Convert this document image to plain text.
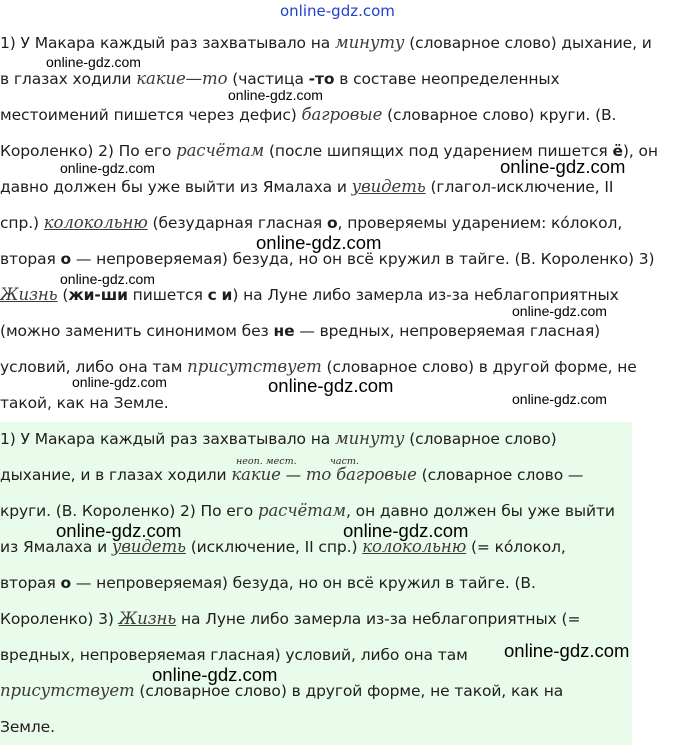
online-gdz.com
1) У Макара каждый раз захватывало на минуту (словарное слово) дыхание, и
в глазах ходили какие—то (частица -то в составе неопределенных
местоимений пишется через дефис) багровые (словарное слово) круги. (В.
Короленко) 2) По его расчётам (после шипящих под ударением пишется ё), он
давно должен бы уже выйти из Ямалаха и увидеть (глагол-исключение, II
спр.) колокольню (безударная гласная о, проверяемы ударением: ко́локол,
вторая о — непроверяемая) безуда, но он всё кружил в тайге. (В. Короленко) 3)
Жизнь (жи-ши пишется с и) на Луне либо замерла из-за неблагоприятных
(можно заменить синонимом без не — вредных, непроверяемая гласная)
условий, либо она там присутствует (словарное слово) в другой форме, не
такой, как на Земле.
1) У Макара каждый раз захватывало на минуту (словарное слово)
неоп. мест.	част.
дыхание, и в глазах ходили какие — то багровые (словарное слово —
круги. (В. Короленко) 2) По его расчётам, он давно должен бы уже выйти
из Ямалаха и увидеть (исключение, II спр.) колокольню (= ко́локол,
вторая о — непроверяемая) безуда, но он всё кружил в тайге. (В.
Короленко) 3) Жизнь на Луне либо замерла из-за неблагоприятных (=
вредных, непроверяемая гласная) условий, либо она там
присутствует (словарное слово) в другой форме, не такой, как на
Земле.
online-gdz.com
online-gdz.com
online-gdz.com	online-gdz.com
online-gdz.com
online-gdz.com
online-gdz.com
online-gdz.com	online-gdz.com
online-gdz.com
online-gdz.com	online-gdz.com
online-gdz.com
online-gdz.com
